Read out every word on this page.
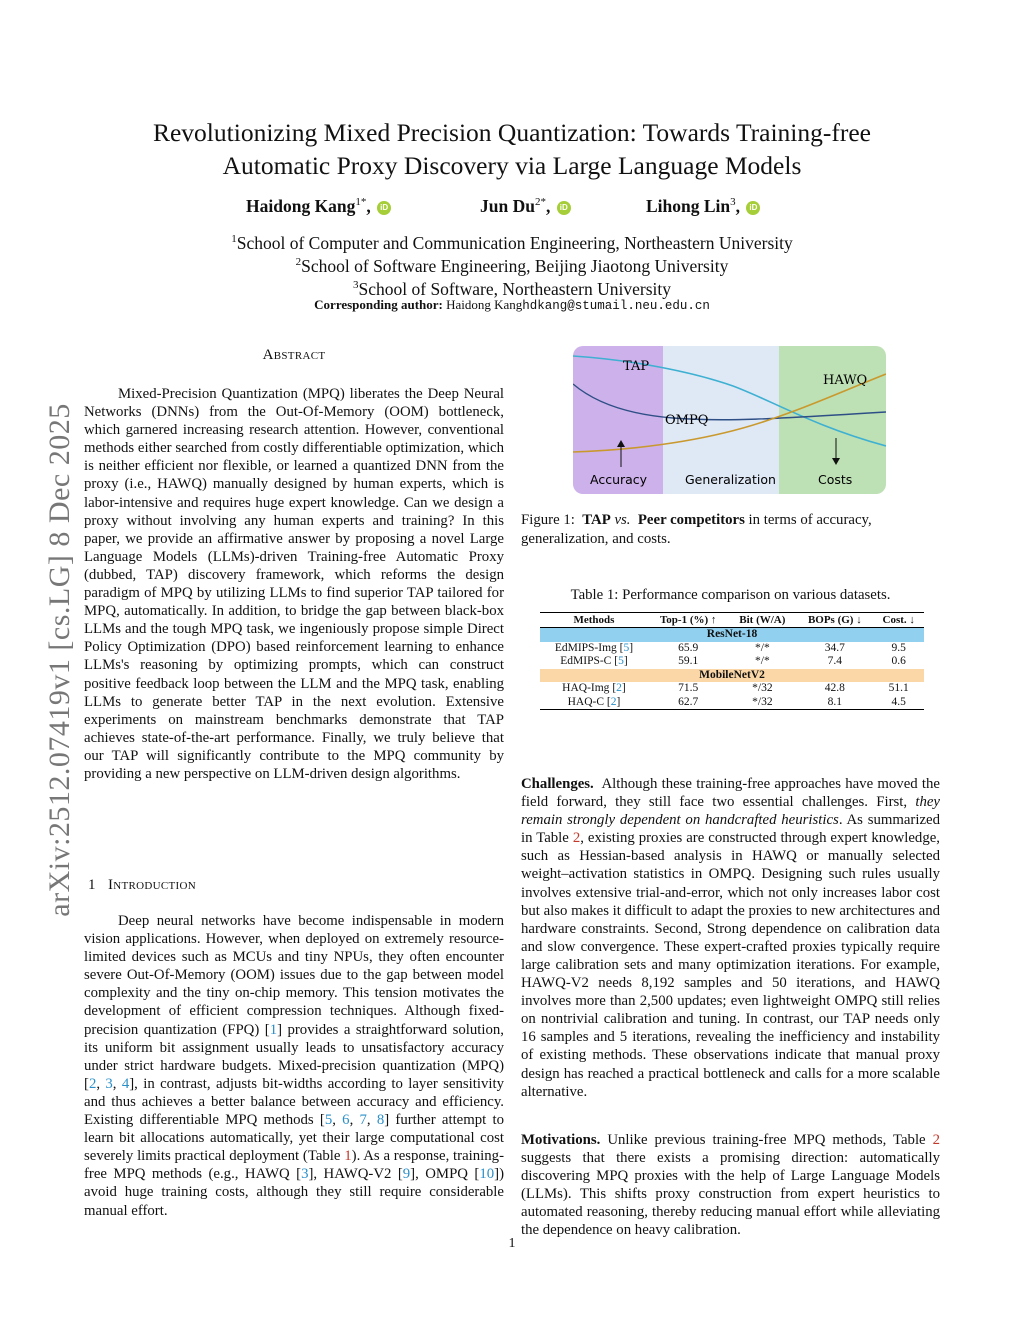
Revolutionizing Mixed Precision Quantization: Towards Training-free
Automatic Proxy Discovery via Large Language Models
Haidong Kang$^{1*}$, iD	Jun $Du^{2*}$, iD	Lihong Lin$^3$, iD
$^1$School of Computer and Communication Engineering, Northeastern University
$^2$School of Software Engineering, Beijing Jiaotong University
$^3$School of Software, Northeastern University
Corresponding author: Haidong Kanghdkang@stumail.neu.edu.cn
arXiv:2512.07419v1 [cs.LG] 8 Dec 2025
Abstract
Mixed-Precision Quantization (MPQ) liberates the Deep Neural Networks (DNNs) from the Out-Of-Memory (OOM) bottleneck, which garnered increasing research attention. However, conventional methods either searched from costly differentiable optimization, which is neither efficient nor flexible, or learned a quantized DNN from the proxy (i.e., HAWQ) manually designed by human experts, which is labor-intensive and requires huge expert knowledge. Can we design a proxy without involving any human experts and training? In this paper, we provide an affirmative answer by proposing a novel Large Language Models (LLMs)-driven Training-free Automatic Proxy (dubbed, TAP) discovery framework, which reforms the design paradigm of MPQ by utilizing LLMs to find superior TAP tailored for MPQ, automatically. In addition, to bridge the gap between black-box LLMs and the tough MPQ task, we ingeniously propose simple Direct Policy Optimization (DPO) based reinforcement learning to enhance LLMs's reasoning by optimizing prompts, which can construct positive feedback loop between the LLM and the MPQ task, enabling LLMs to generate better TAP in the next evolution. Extensive experiments on mainstream benchmarks demonstrate that TAP achieves state-of-the-art performance. Finally, we truly believe that our TAP will significantly contribute to the MPQ community by providing a new perspective on LLM-driven design algorithms.
1 Introduction
Deep neural networks have become indispensable in modern vision applications. However, when deployed on extremely resource-limited devices such as MCUs and tiny NPUs, they often encounter severe Out-Of-Memory (OOM) issues due to the gap between model complexity and the tiny on-chip memory. This tension motivates the development of efficient compression techniques. Although fixed-precision quantization (FPQ) [1] provides a straightforward solution, its uniform bit assignment usually leads to unsatisfactory accuracy under strict hardware budgets. Mixed-precision quantization (MPQ) [2, 3, 4], in contrast, adjusts bit-widths according to layer sensitivity and thus achieves a better balance between accuracy and efficiency. Existing differentiable MPQ methods [5, 6, 7, 8] further attempt to learn bit allocations automatically, yet their large computational cost severely limits practical deployment (Table 1). As a response, training-free MPQ methods (e.g., HAWQ [3], HAWQ-V2 [9], OMPQ [10]) avoid huge training costs, although they still require considerable manual effort.
TAP
HAWQ
OMPQ
Accuracy	Generalization	Costs
Figure 1: TAP vs. Peer competitors in terms of accuracy, generalization, and costs.
Table 1: Performance comparison on various datasets.
Methods	Top-1 (%) ↑	Bit (W/A)	BOPs (G) ↓	Cost. ↓
ResNet-18				
EdMIPS-Img [5]	65.9	*/*	34.7	9.5
EdMIPS-C [5]	59.1	*/*	7.4	0.6
MobileNetV2				
HAQ-Img [2]	71.5	*/32	42.8	51.1
HAQ-C [2]	62.7	*/32	8.1	4.5
Challenges. Although these training-free approaches have moved the field forward, they still face two essential challenges. First, they remain strongly dependent on handcrafted heuristics. As summarized in Table 2, existing proxies are constructed through expert knowledge, such as Hessian-based analysis in HAWQ or manually selected weight–activation statistics in OMPQ. Designing such rules usually involves extensive trial-and-error, which not only increases labor cost but also makes it difficult to adapt the proxies to new architectures and hardware constraints. Second, Strong dependence on calibration data and slow convergence. These expert-crafted proxies typically require large calibration sets and many optimization iterations. For example, HAWQ-V2 needs 8,192 samples and 50 iterations, and HAWQ involves more than 2,500 updates; even lightweight OMPQ still relies on nontrivial calibration and tuning. In contrast, our TAP needs only 16 samples and 5 iterations, revealing the inefficiency and instability of existing methods. These observations indicate that manual proxy design has reached a practical bottleneck and calls for a more scalable alternative.
Motivations. Unlike previous training-free MPQ methods, Table 2 suggests that there exists a promising direction: automatically discovering MPQ proxies with the help of Large Language Models (LLMs). This shifts proxy construction from expert heuristics to automated reasoning, thereby reducing manual effort while alleviating the dependence on heavy calibration.
1
